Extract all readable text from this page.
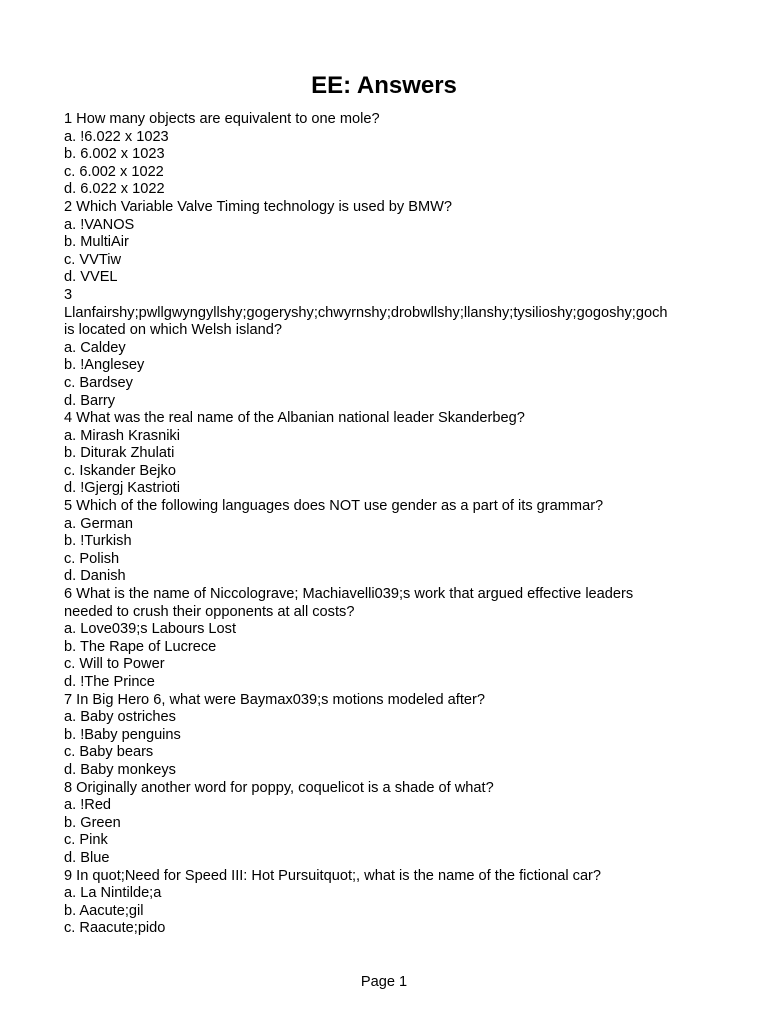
EE: Answers
1 How many objects are equivalent to one mole?
a. !6.022 x 1023
b. 6.002 x 1023
c. 6.002 x 1022
d. 6.022 x 1022
2 Which Variable Valve Timing technology is used by BMW?
a. !VANOS
b. MultiAir
c. VVTiw
d. VVEL
3
Llanfairshy;pwllgwyngyllshy;gogeryshy;chwyrnshy;drobwllshy;llanshy;tysilioshy;gogoshy;goch
is located on which Welsh island?
a. Caldey
b. !Anglesey
c. Bardsey
d. Barry
4 What was the real name of the Albanian national leader Skanderbeg?
a. Mirash Krasniki
b. Diturak Zhulati
c. Iskander Bejko
d. !Gjergj Kastrioti
5 Which of the following languages does NOT use gender as a part of its grammar?
a. German
b. !Turkish
c. Polish
d. Danish
6 What is the name of Niccolograve; Machiavelli039;s work that argued effective leaders
needed to crush their opponents at all costs?
a. Love039;s Labours Lost
b. The Rape of Lucrece
c. Will to Power
d. !The Prince
7 In Big Hero 6, what were Baymax039;s motions modeled after?
a. Baby ostriches
b. !Baby penguins
c. Baby bears
d. Baby monkeys
8 Originally another word for poppy, coquelicot is a shade of what?
a. !Red
b. Green
c. Pink
d. Blue
9 In quot;Need for Speed III: Hot Pursuitquot;, what is the name of the fictional car?
a. La Nintilde;a
b. Aacute;gil
c. Raacute;pido
Page 1
